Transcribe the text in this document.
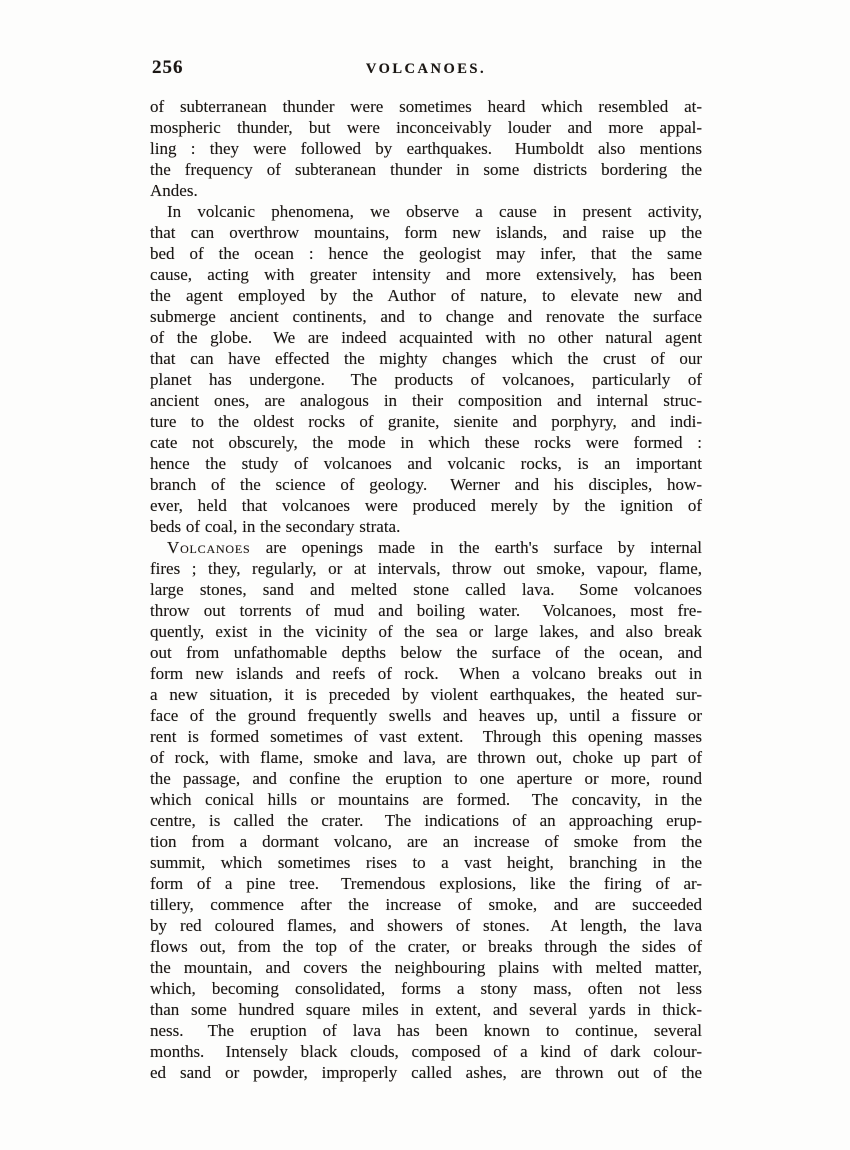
256	VOLCANOES.
of subterranean thunder were sometimes heard which resembled at-
mospheric thunder, but were inconceivably louder and more appal-
ling : they were followed by earthquakes.  Humboldt also mentions
the frequency of subteranean thunder in some districts bordering the
Andes.
In volcanic phenomena, we observe a cause in present activity,
that can overthrow mountains, form new islands, and raise up the
bed of the ocean : hence the geologist may infer, that the same
cause, acting with greater intensity and more extensively, has been
the agent employed by the Author of nature, to elevate new and
submerge ancient continents, and to change and renovate the surface
of the globe.  We are indeed acquainted with no other natural agent
that can have effected the mighty changes which the crust of our
planet has undergone.  The products of volcanoes, particularly of
ancient ones, are analogous in their composition and internal struc-
ture to the oldest rocks of granite, sienite and porphyry, and indi-
cate not obscurely, the mode in which these rocks were formed :
hence the study of volcanoes and volcanic rocks, is an important
branch of the science of geology.  Werner and his disciples, how-
ever, held that volcanoes were produced merely by the ignition of
beds of coal, in the secondary strata.
Volcanoes are openings made in the earth's surface by internal
fires ; they, regularly, or at intervals, throw out smoke, vapour, flame,
large stones, sand and melted stone called lava.  Some volcanoes
throw out torrents of mud and boiling water.  Volcanoes, most fre-
quently, exist in the vicinity of the sea or large lakes, and also break
out from unfathomable depths below the surface of the ocean, and
form new islands and reefs of rock.  When a volcano breaks out in
a new situation, it is preceded by violent earthquakes, the heated sur-
face of the ground frequently swells and heaves up, until a fissure or
rent is formed sometimes of vast extent.  Through this opening masses
of rock, with flame, smoke and lava, are thrown out, choke up part of
the passage, and confine the eruption to one aperture or more, round
which conical hills or mountains are formed.  The concavity, in the
centre, is called the crater.  The indications of an approaching erup-
tion from a dormant volcano, are an increase of smoke from the
summit, which sometimes rises to a vast height, branching in the
form of a pine tree.  Tremendous explosions, like the firing of ar-
tillery, commence after the increase of smoke, and are succeeded
by red coloured flames, and showers of stones.  At length, the lava
flows out, from the top of the crater, or breaks through the sides of
the mountain, and covers the neighbouring plains with melted matter,
which, becoming consolidated, forms a stony mass, often not less
than some hundred square miles in extent, and several yards in thick-
ness.  The eruption of lava has been known to continue, several
months.  Intensely black clouds, composed of a kind of dark colour-
ed sand or powder, improperly called ashes, are thrown out of the
